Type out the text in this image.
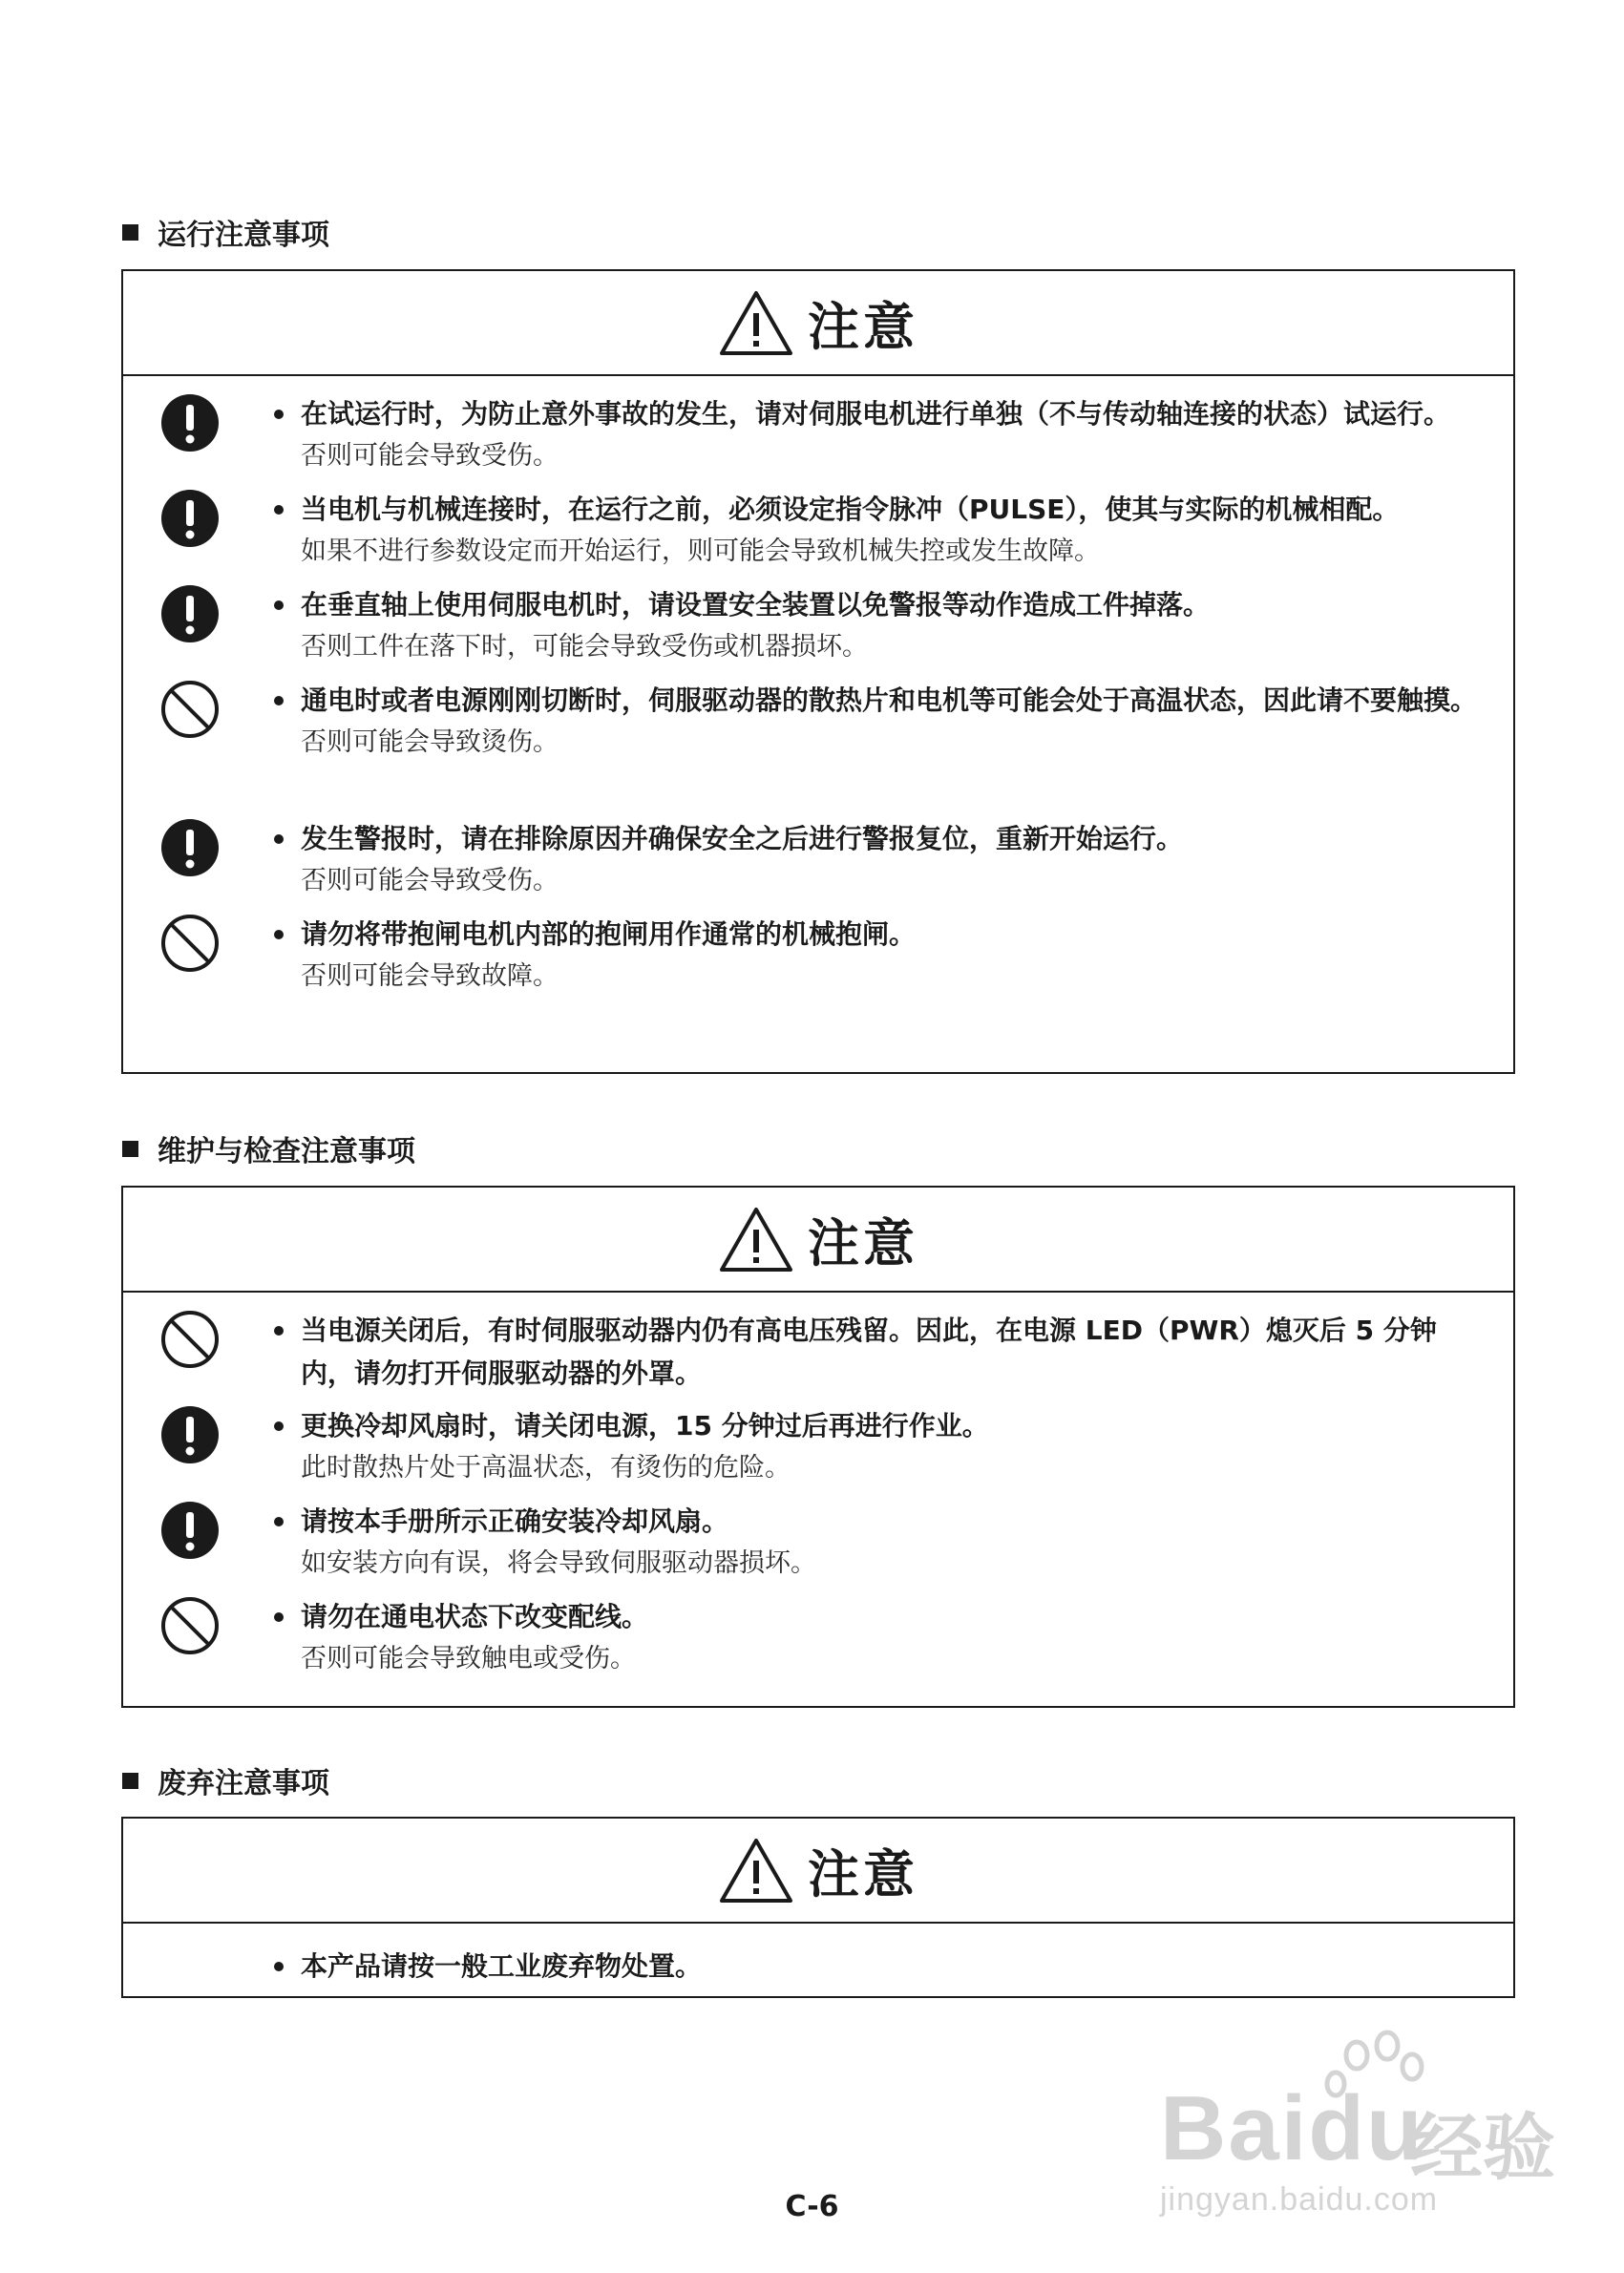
运行注意事项
注意
在试运行时，为防止意外事故的发生，请对伺服电机进行单独（不与传动轴连接的状态）试运行。
否则可能会导致受伤。
当电机与机械连接时，在运行之前，必须设定指令脉冲（PULSE），使其与实际的机械相配。
如果不进行参数设定而开始运行，则可能会导致机械失控或发生故障。
在垂直轴上使用伺服电机时，请设置安全装置以免警报等动作造成工件掉落。
否则工件在落下时，可能会导致受伤或机器损坏。
通电时或者电源刚刚切断时，伺服驱动器的散热片和电机等可能会处于高温状态，因此请不要触摸。
否则可能会导致烫伤。
发生警报时，请在排除原因并确保安全之后进行警报复位，重新开始运行。
否则可能会导致受伤。
请勿将带抱闸电机内部的抱闸用作通常的机械抱闸。
否则可能会导致故障。
维护与检查注意事项
注意
当电源关闭后，有时伺服驱动器内仍有高电压残留。因此，在电源 LED（PWR）熄灭后 5 分钟内，请勿打开伺服驱动器的外罩。
更换冷却风扇时，请关闭电源，15 分钟过后再进行作业。
此时散热片处于高温状态，有烫伤的危险。
请按本手册所示正确安装冷却风扇。
如安装方向有误，将会导致伺服驱动器损坏。
请勿在通电状态下改变配线。
否则可能会导致触电或受伤。
废弃注意事项
注意
本产品请按一般工业废弃物处置。
Baidu
经验
jingyan.baidu.com
C-6
